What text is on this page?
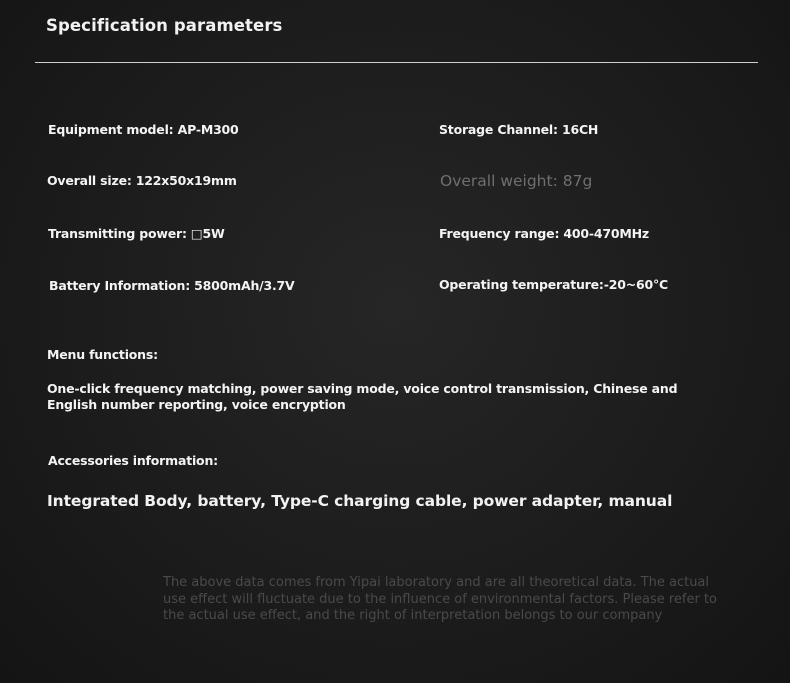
Specification parameters
Equipment model: AP-M300
Overall size: 122x50x19mm
Transmitting power: □5W
Battery Information: 5800mAh/3.7V
Storage Channel: 16CH
Overall weight: 87g
Frequency range: 400-470MHz
Operating temperature:-20~60°C
Menu functions:
One-click frequency matching, power saving mode, voice control transmission, Chinese and English number reporting, voice encryption
Accessories information:
Integrated Body, battery, Type-C charging cable, power adapter, manual
The above data comes from Yipai laboratory and are all theoretical data. The actual use effect will fluctuate due to the influence of environmental factors. Please refer to the actual use effect, and the right of interpretation belongs to our company
